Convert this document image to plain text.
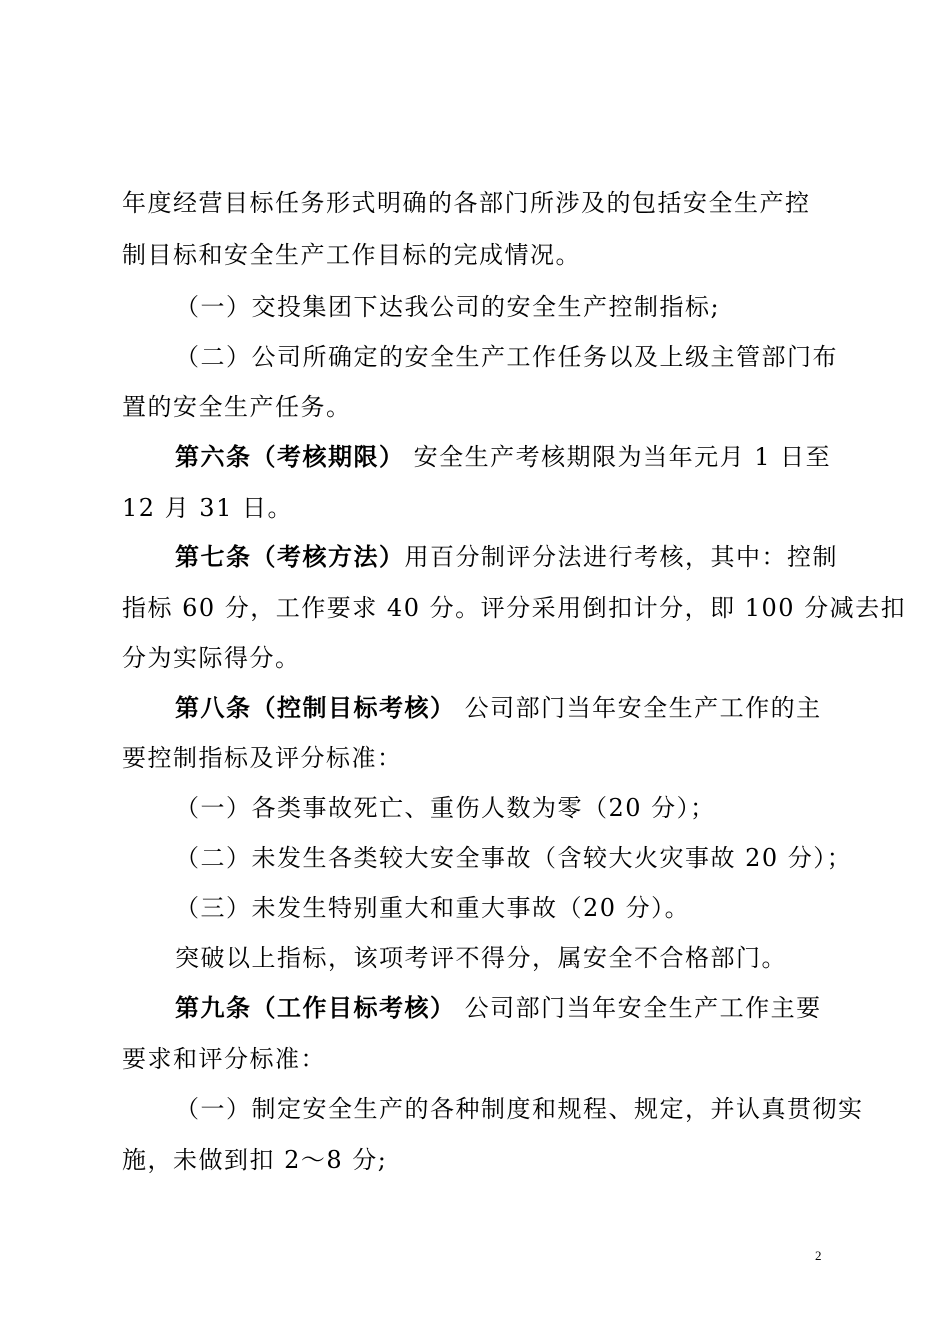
年度经营目标任务形式明确的各部门所涉及的包括安全生产控
制目标和安全生产工作目标的完成情况。
（一）交投集团下达我公司的安全生产控制指标;
（二）公司所确定的安全生产工作任务以及上级主管部门布
置的安全生产任务。
第六条（考核期限） 安全生产考核期限为当年元月 1 日至
12 月 31 日。
第七条（考核方法）用百分制评分法进行考核，其中：控制
指标 60 分，工作要求 40 分。评分采用倒扣计分，即 100 分减去扣
分为实际得分。
第八条（控制目标考核） 公司部门当年安全生产工作的主
要控制指标及评分标准：
（一）各类事故死亡、重伤人数为零（20 分）；
（二）未发生各类较大安全事故（含较大火灾事故 20 分）；
（三）未发生特别重大和重大事故（20 分）。
突破以上指标，该项考评不得分，属安全不合格部门。
第九条（工作目标考核） 公司部门当年安全生产工作主要
要求和评分标准：
（一）制定安全生产的各种制度和规程、规定，并认真贯彻实
施，未做到扣 2～8 分;
2
